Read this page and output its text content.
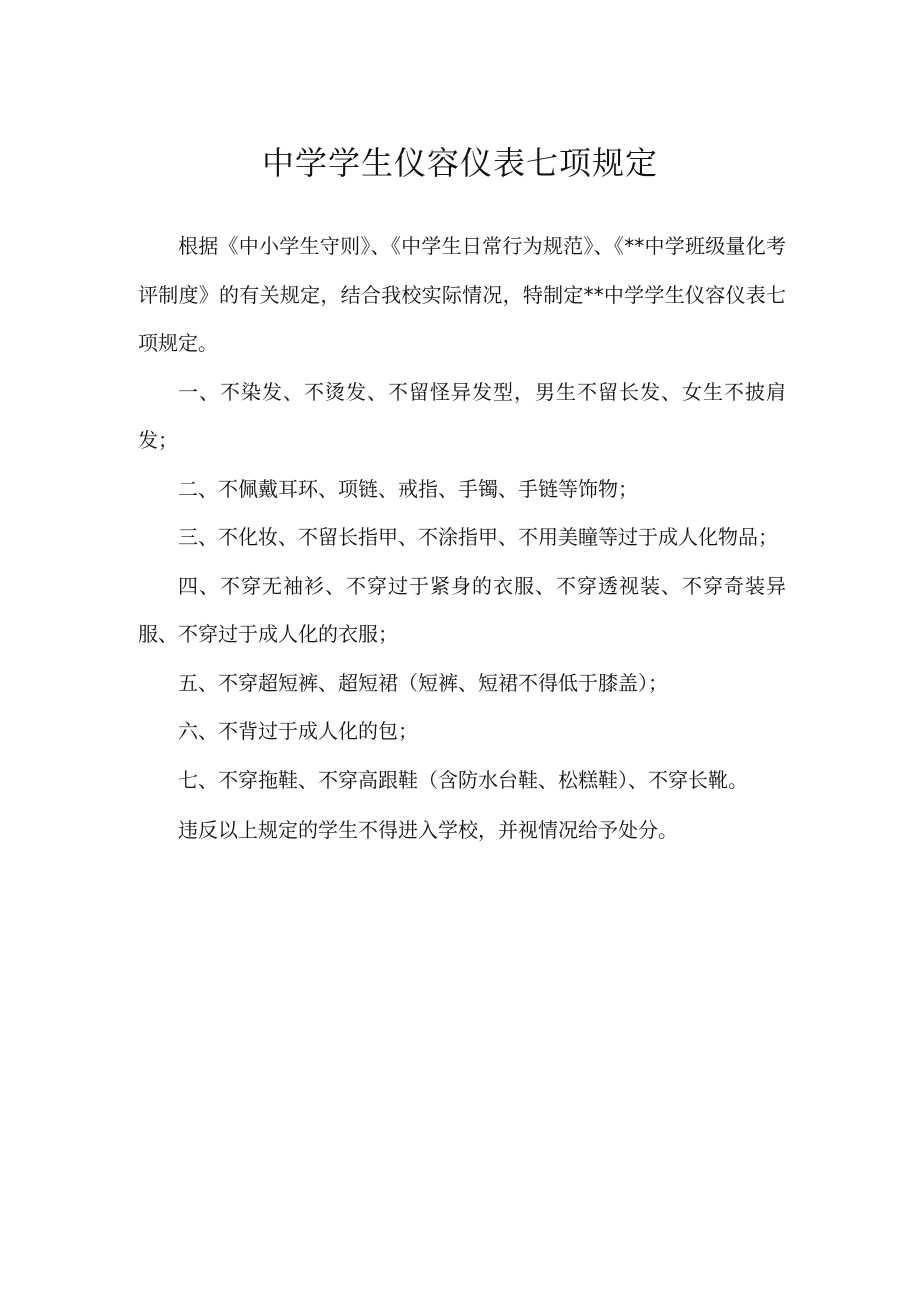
中学学生仪容仪表七项规定

根据《中小学生守则》、《中学生日常行为规范》、《**中学班级量化考评制度》的有关规定，结合我校实际情况，特制定**中学学生仪容仪表七项规定。

一、不染发、不烫发、不留怪异发型，男生不留长发、女生不披肩发；

二、不佩戴耳环、项链、戒指、手镯、手链等饰物；

三、不化妆、不留长指甲、不涂指甲、不用美瞳等过于成人化物品；

四、不穿无袖衫、不穿过于紧身的衣服、不穿透视装、不穿奇装异服、不穿过于成人化的衣服；

五、不穿超短裤、超短裙（短裤、短裙不得低于膝盖）；

六、不背过于成人化的包；

七、不穿拖鞋、不穿高跟鞋（含防水台鞋、松糕鞋）、不穿长靴。

违反以上规定的学生不得进入学校，并视情况给予处分。
